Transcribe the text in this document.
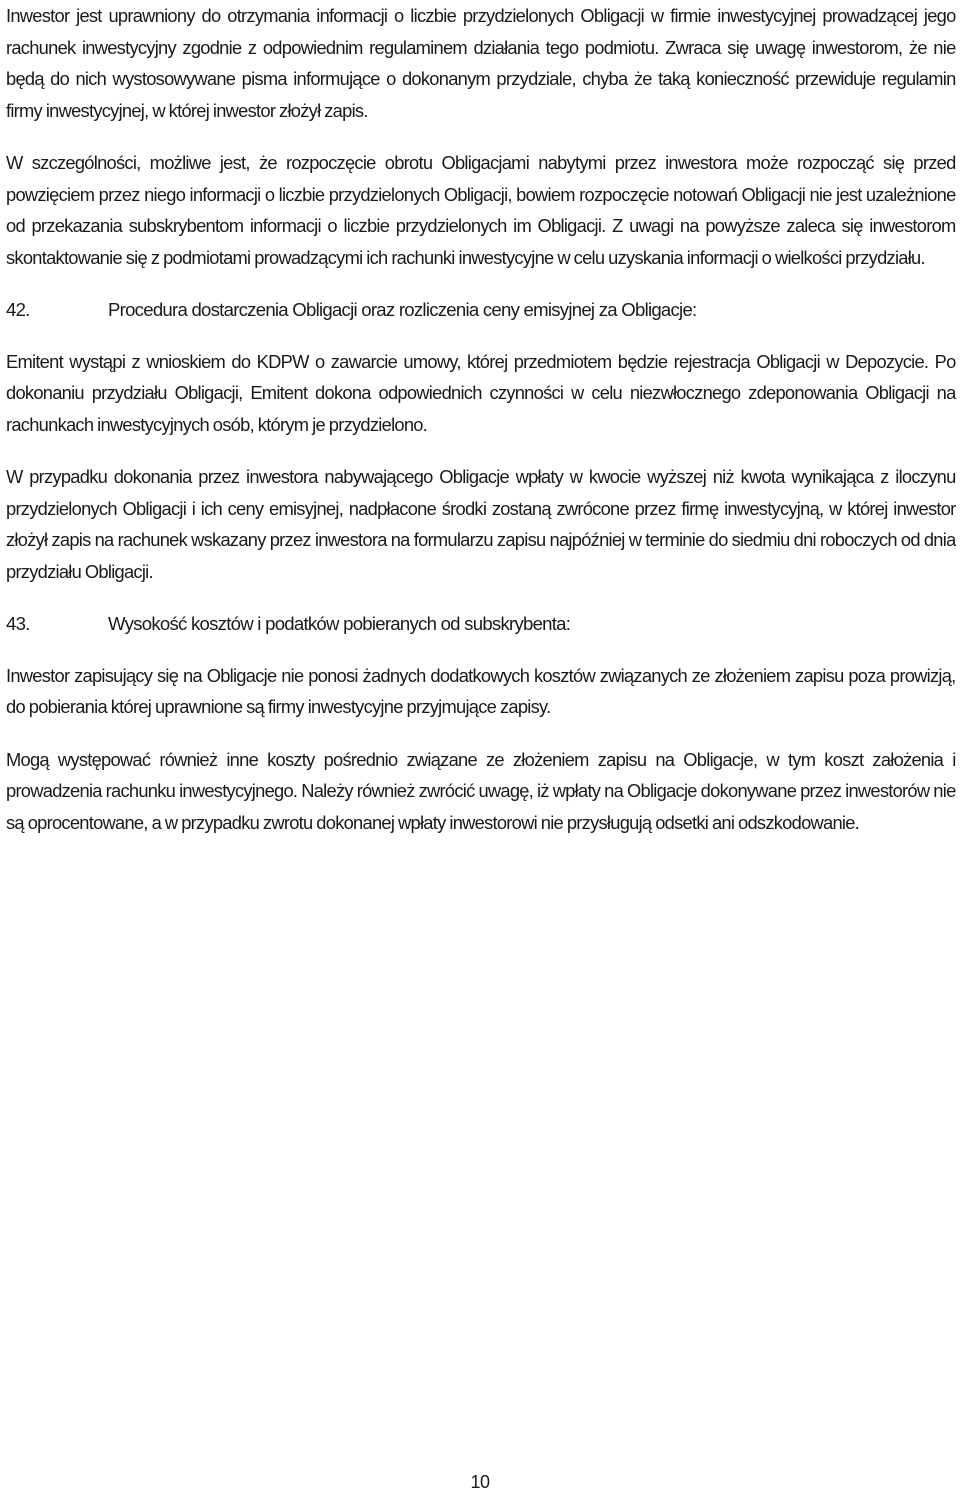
Inwestor jest uprawniony do otrzymania informacji o liczbie przydzielonych Obligacji w firmie inwestycyjnej prowadzącej jego rachunek inwestycyjny zgodnie z odpowiednim regulaminem działania tego podmiotu. Zwraca się uwagę inwestorom, że nie będą do nich wystosowywane pisma informujące o dokonanym przydziale, chyba że taką konieczność przewiduje regulamin firmy inwestycyjnej, w której inwestor złożył zapis.

W szczególności, możliwe jest, że rozpoczęcie obrotu Obligacjami nabytymi przez inwestora może rozpocząć się przed powzięciem przez niego informacji o liczbie przydzielonych Obligacji, bowiem rozpoczęcie notowań Obligacji nie jest uzależnione od przekazania subskrybentom informacji o liczbie przydzielonych im Obligacji. Z uwagi na powyższe zaleca się inwestorom skontaktowanie się z podmiotami prowadzącymi ich rachunki inwestycyjne w celu uzyskania informacji o wielkości przydziału.

42.	Procedura dostarczenia Obligacji oraz rozliczenia ceny emisyjnej za Obligacje:

Emitent wystąpi z wnioskiem do KDPW o zawarcie umowy, której przedmiotem będzie rejestracja Obligacji w Depozycie. Po dokonaniu przydziału Obligacji, Emitent dokona odpowiednich czynności w celu niezwłocznego zdeponowania Obligacji na rachunkach inwestycyjnych osób, którym je przydzielono.

W przypadku dokonania przez inwestora nabywającego Obligacje wpłaty w kwocie wyższej niż kwota wynikająca z iloczynu przydzielonych Obligacji i ich ceny emisyjnej, nadpłacone środki zostaną zwrócone przez firmę inwestycyjną, w której inwestor złożył zapis na rachunek wskazany przez inwestora na formularzu zapisu najpóźniej w terminie do siedmiu dni roboczych od dnia przydziału Obligacji.

43.	Wysokość kosztów i podatków pobieranych od subskrybenta:

Inwestor zapisujący się na Obligacje nie ponosi żadnych dodatkowych kosztów związanych ze złożeniem zapisu poza prowizją, do pobierania której uprawnione są firmy inwestycyjne przyjmujące zapisy.

Mogą występować również inne koszty pośrednio związane ze złożeniem zapisu na Obligacje, w tym koszt założenia i prowadzenia rachunku inwestycyjnego. Należy również zwrócić uwagę, iż wpłaty na Obligacje dokonywane przez inwestorów nie są oprocentowane, a w przypadku zwrotu dokonanej wpłaty inwestorowi nie przysługują odsetki ani odszkodowanie.

10
